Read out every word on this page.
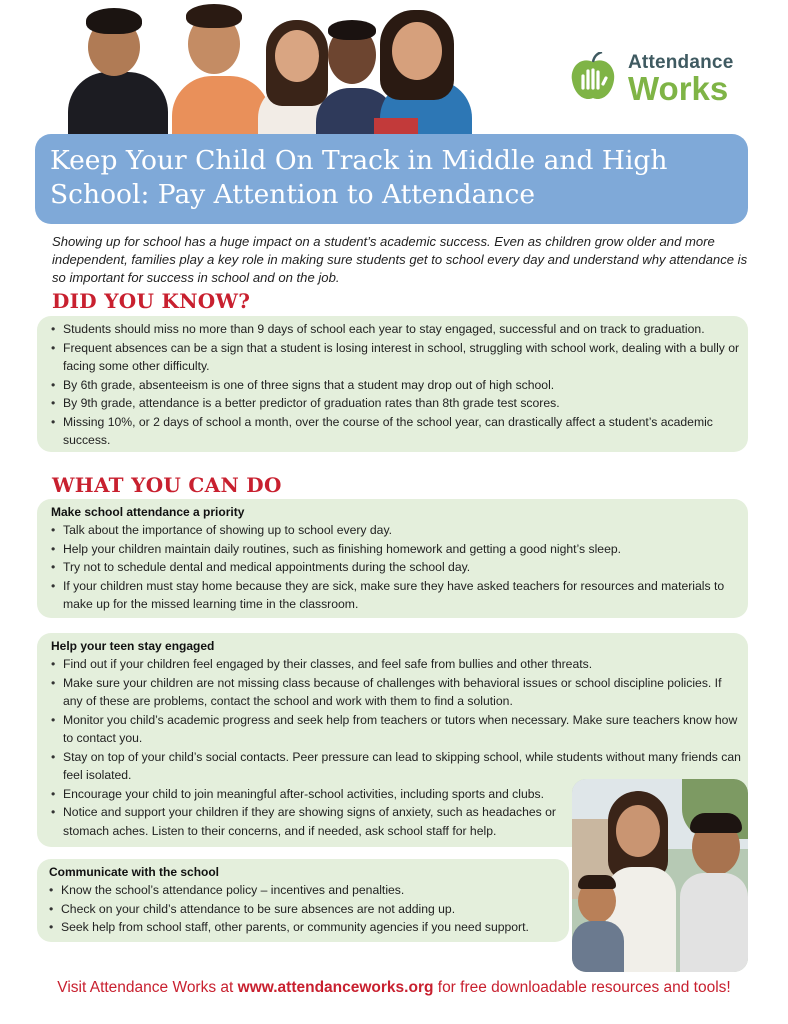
Attendance
Works
Keep Your Child On Track in Middle and High School: Pay Attention to Attendance
Showing up for school has a huge impact on a student’s academic success. Even as children grow older and more independent, families play a key role in making sure students get to school every day and understand why attendance is so important for success in school and on the job.
DID YOU KNOW?
• Students should miss no more than 9 days of school each year to stay engaged, successful and on track to graduation.
• Frequent absences can be a sign that a student is losing interest in school, struggling with school work, dealing with a bully or facing some other difficulty.
• By 6th grade, absenteeism is one of three signs that a student may drop out of high school.
• By 9th grade, attendance is a better predictor of graduation rates than 8th grade test scores.
• Missing 10%, or 2 days of school a month, over the course of the school year, can drastically affect a student’s academic success.
WHAT YOU CAN DO
Make school attendance a priority
• Talk about the importance of showing up to school every day.
• Help your children maintain daily routines, such as finishing homework and getting a good night’s sleep.
• Try not to schedule dental and medical appointments during the school day.
• If your children must stay home because they are sick, make sure they have asked teachers for resources and materials to make up for the missed learning time in the classroom.
Help your teen stay engaged
• Find out if your children feel engaged by their classes, and feel safe from bullies and other threats.
• Make sure your children are not missing class because of challenges with behavioral issues or school discipline policies. If any of these are problems, contact the school and work with them to find a solution.
• Monitor you child’s academic progress and seek help from teachers or tutors when necessary. Make sure teachers know how to contact you.
• Stay on top of your child’s social contacts. Peer pressure can lead to skipping school, while students without many friends can feel isolated.
• Encourage your child to join meaningful after-school activities, including sports and clubs.
• Notice and support your children if they are showing signs of anxiety, such as headaches or stomach aches. Listen to their concerns, and if needed, ask school staff for help.
Communicate with the school
• Know the school’s attendance policy – incentives and penalties.
• Check on your child’s attendance to be sure absences are not adding up.
• Seek help from school staff, other parents, or community agencies if you need support.
Visit Attendance Works at www.attendanceworks.org for free downloadable resources and tools!
